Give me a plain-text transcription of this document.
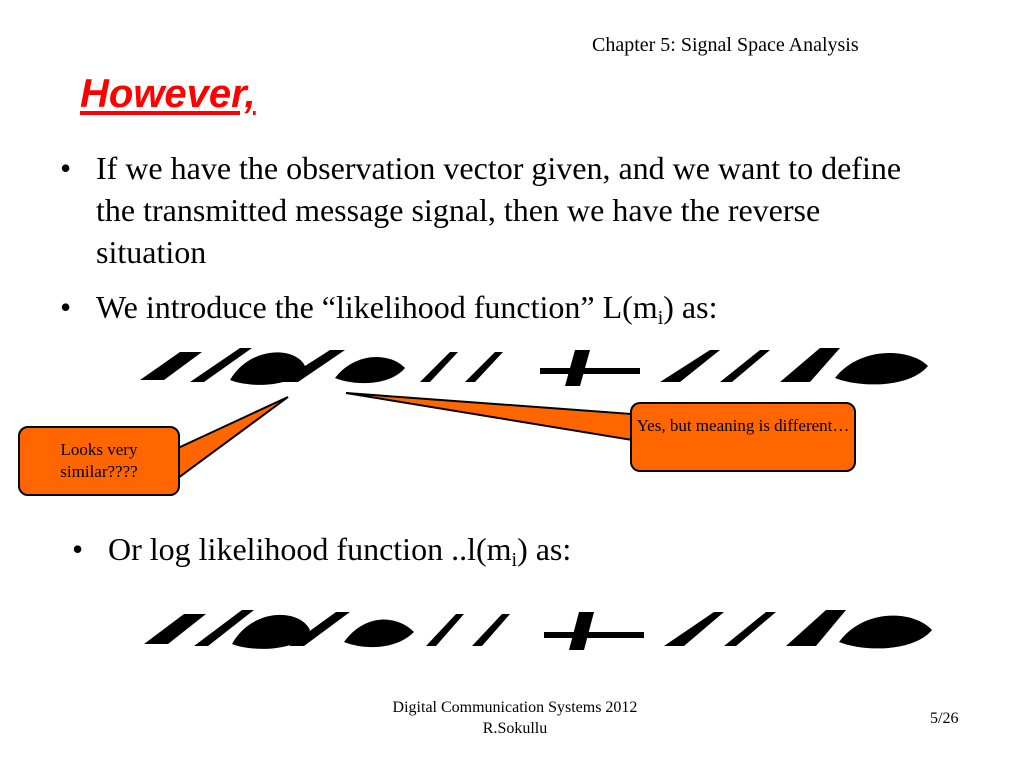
Chapter 5: Signal Space Analysis
However,
• If we have the observation vector given, and we want to define the transmitted message signal, then we have the reverse situation
• We introduce the “likelihood function” $L(m_i)$ as:
Looks very similar????
Yes, but meaning is different…
• Or log likelihood function $..l(m_i)$ as:
Digital Communication Systems 2012
R.Sokullu
5/26
